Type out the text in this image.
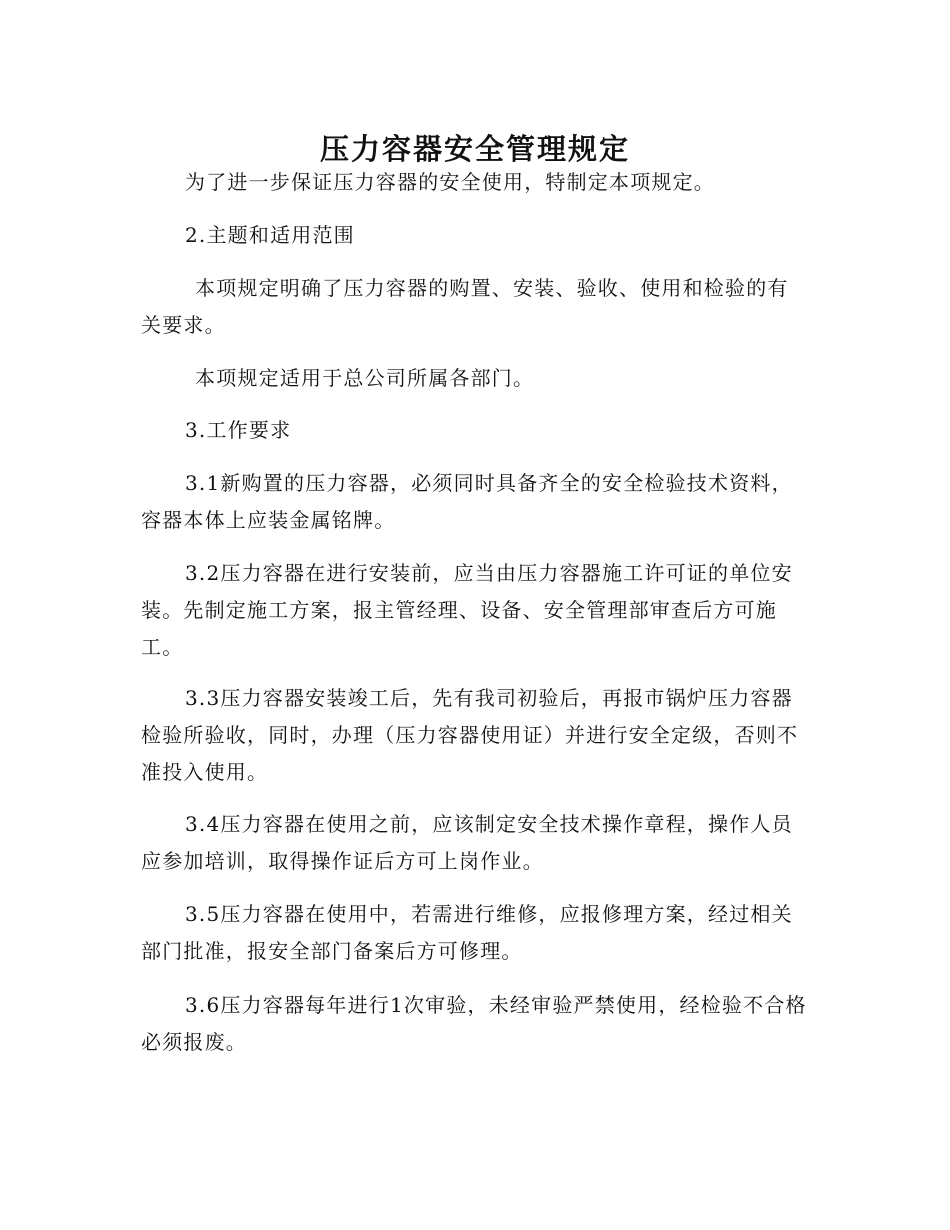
压力容器安全管理规定

为了进一步保证压力容器的安全使用，特制定本项规定。

2.主题和适用范围

本项规定明确了压力容器的购置、安装、验收、使用和检验的有关要求。

本项规定适用于总公司所属各部门。

3.工作要求

3.1新购置的压力容器，必须同时具备齐全的安全检验技术资料，容器本体上应装金属铭牌。

3.2压力容器在进行安装前，应当由压力容器施工许可证的单位安装。先制定施工方案，报主管经理、设备、安全管理部审查后方可施工。

3.3压力容器安装竣工后，先有我司初验后，再报市锅炉压力容器检验所验收，同时，办理（压力容器使用证）并进行安全定级，否则不准投入使用。

3.4压力容器在使用之前，应该制定安全技术操作章程，操作人员应参加培训，取得操作证后方可上岗作业。

3.5压力容器在使用中，若需进行维修，应报修理方案，经过相关部门批准，报安全部门备案后方可修理。

3.6压力容器每年进行1次审验，未经审验严禁使用，经检验不合格必须报废。
